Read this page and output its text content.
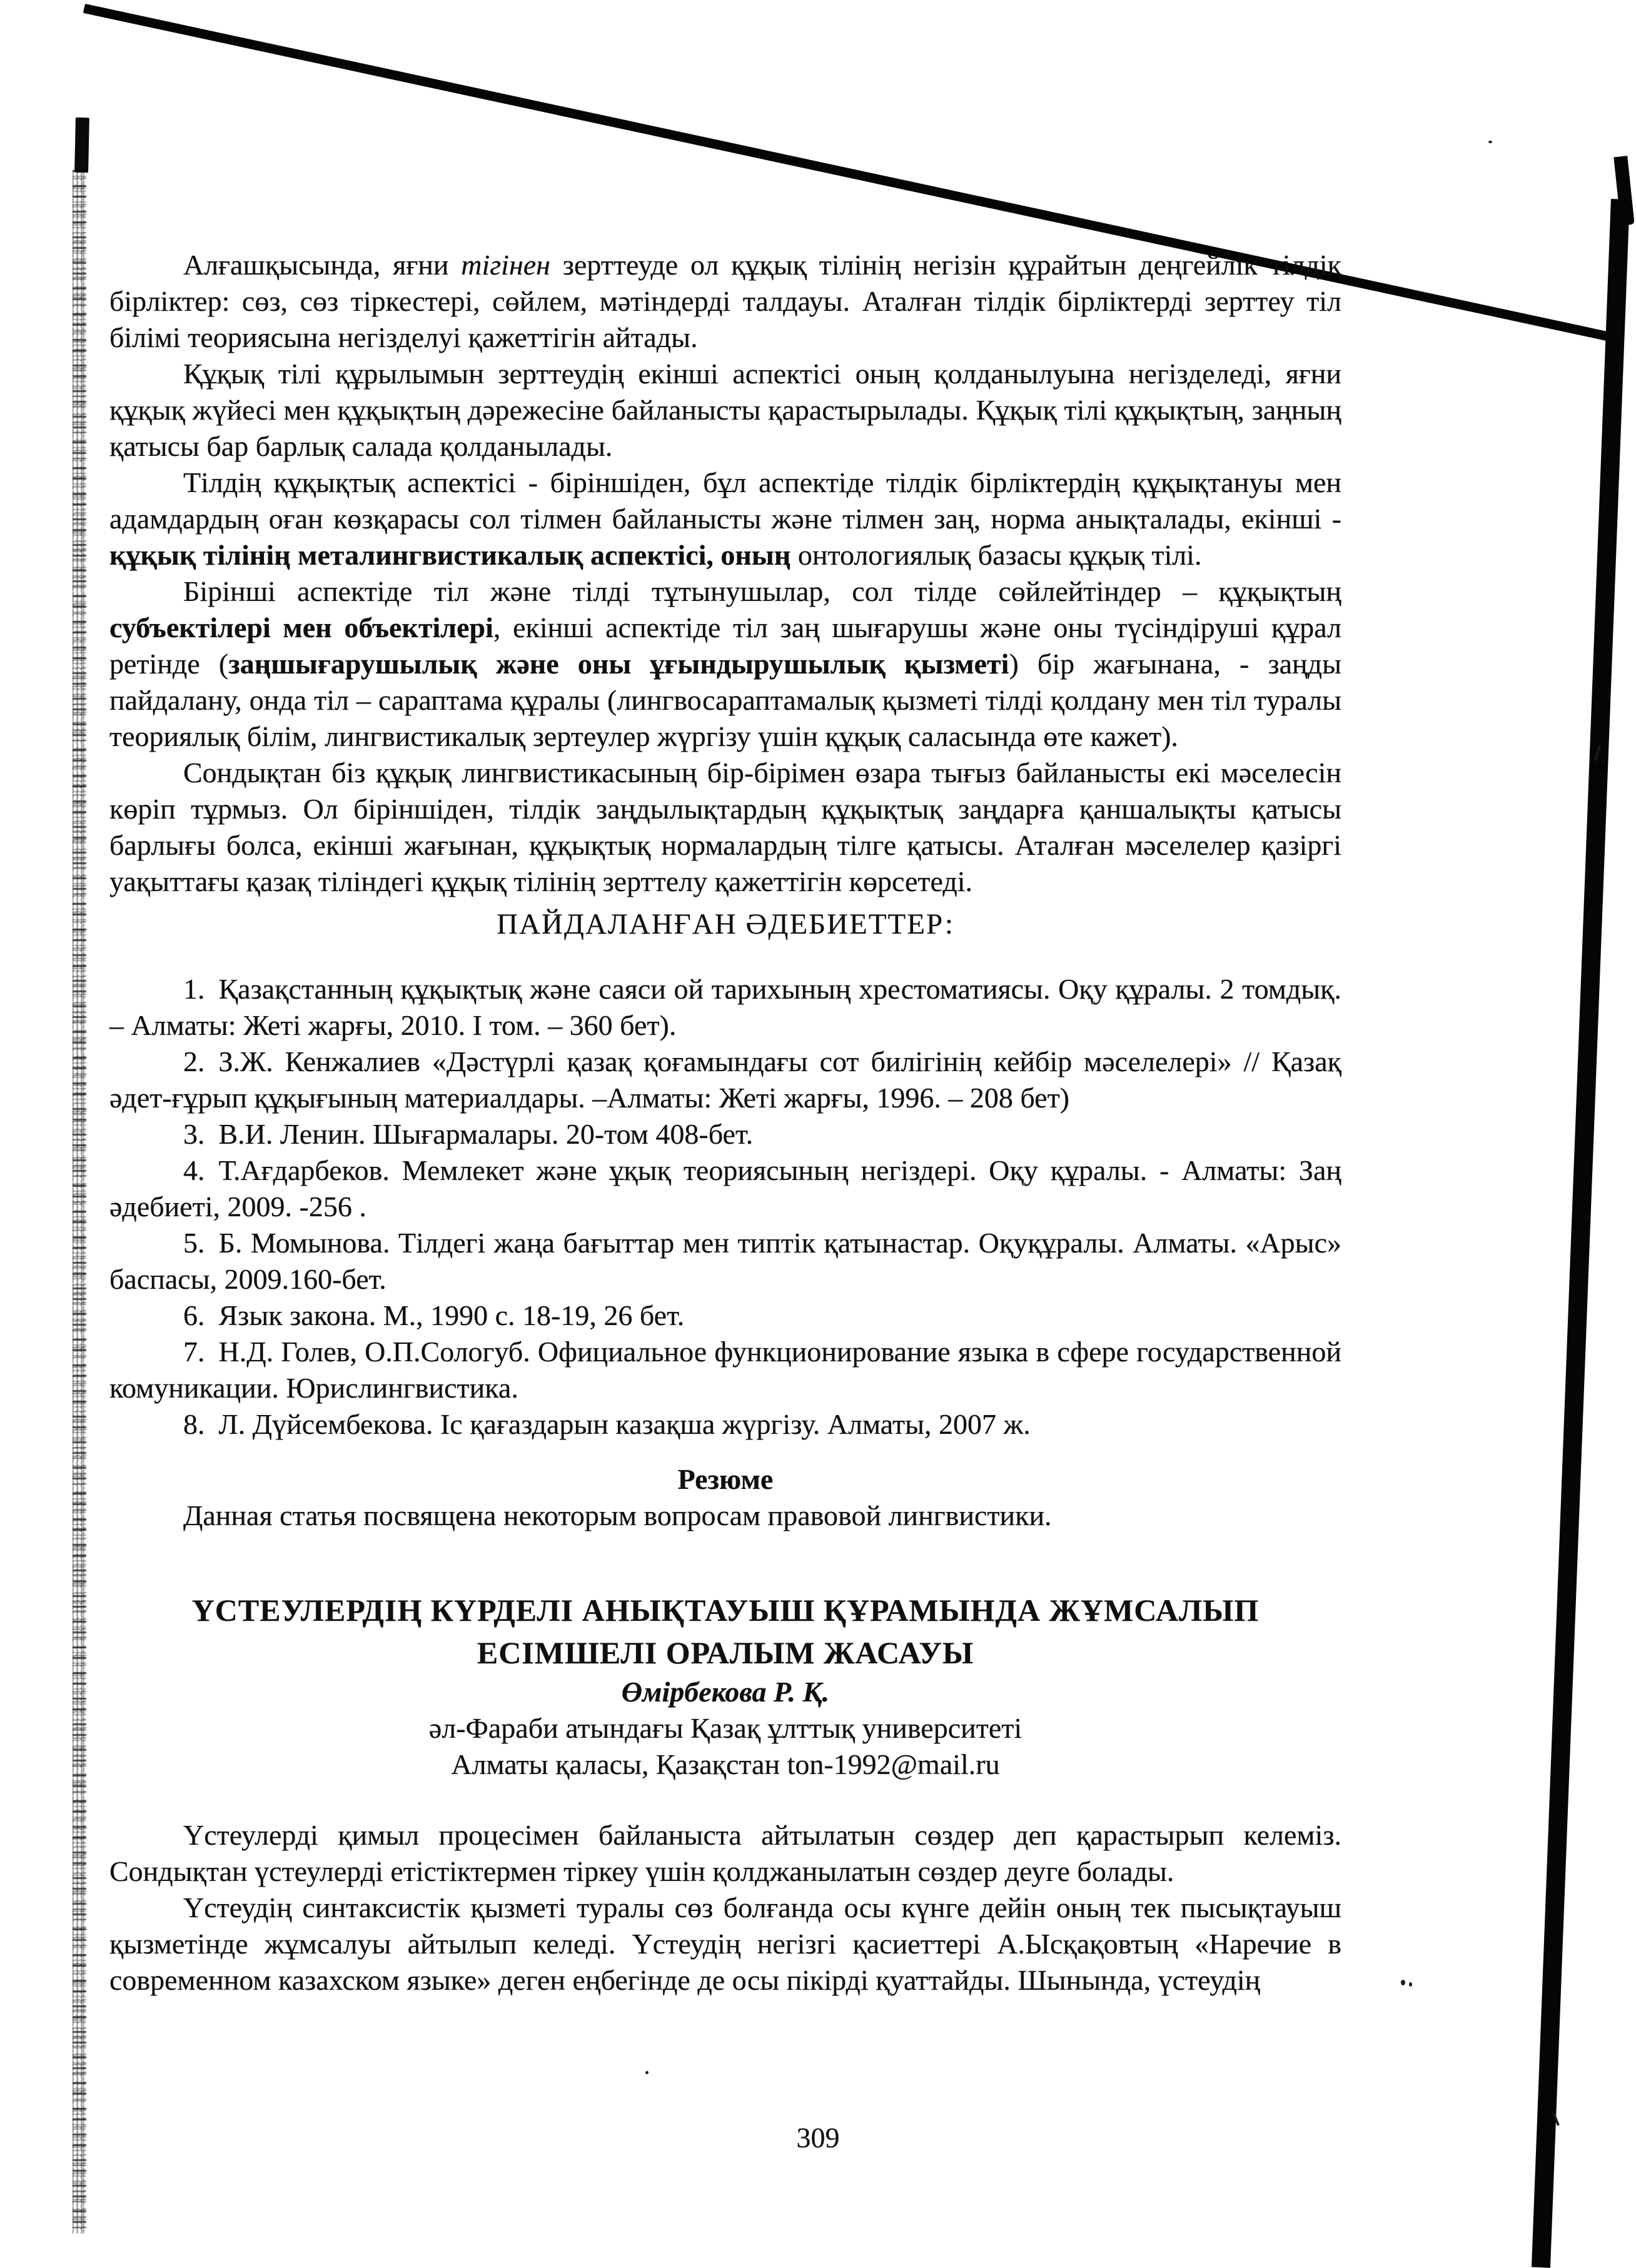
Алғашқысында, яғни тігінен зерттеуде ол құқық тілінің негізін құрайтын деңгейлік тілдік бірліктер: сөз, сөз тіркестері, сөйлем, мәтіндерді талдауы. Аталған тілдік бірліктерді зерттеу тіл білімі теориясына негізделуі қажеттігін айтады.

Құқық тілі құрылымын зерттеудің екінші аспектісі оның қолданылуына негізделеді, яғни құқық жүйесі мен құқықтың дәрежесіне байланысты қарастырылады. Құқық тілі құқықтың, заңның қатысы бар барлық салада қолданылады.

Тілдің құқықтық аспектісі - біріншіден, бұл аспектіде тілдік бірліктердің құқықтануы мен адамдардың оған көзқарасы сол тілмен байланысты және тілмен заң, норма анықталады, екінші - құқық тілінің металингвистикалық аспектісі, оның онтологиялық базасы құқық тілі.

Бірінші аспектіде тіл және тілді тұтынушылар, сол тілде сөйлейтіндер – құқықтың субъектілері мен объектілері, екінші аспектіде тіл заң шығарушы және оны түсіндіруші құрал ретінде (заңшығарушылық және оны ұғындырушылық қызметі) бір жағынана, - заңды пайдалану, онда тіл – сараптама құралы (лингвосараптамалық қызметі тілді қолдану мен тіл туралы теориялық білім, лингвистикалық зертеулер жүргізу үшін құқық саласында өте кажет).

Сондықтан біз құқық лингвистикасының бір-бірімен өзара тығыз байланысты екі мәселесін көріп тұрмыз. Ол біріншіден, тілдік заңдылықтардың құқықтық заңдарға қаншалықты қатысы барлығы болса, екінші жағынан, құқықтық нормалардың тілге қатысы. Аталған мәселелер қазіргі уақыттағы қазақ тіліндегі құқық тілінің зерттелу қажеттігін көрсетеді.

ПАЙДАЛАНҒАН ӘДЕБИЕТТЕР:

1. Қазақстанның құқықтық және саяси ой тарихының хрестоматиясы. Оқу құралы. 2 томдық. – Алматы: Жеті жарғы, 2010. І том. – 360 бет).

2. З.Ж. Кенжалиев «Дәстүрлі қазақ қоғамындағы сот билігінің кейбір мәселелері» // Қазақ әдет-ғұрып құқығының материалдары. –Алматы: Жеті жарғы, 1996. – 208 бет)

3. В.И. Ленин. Шығармалары. 20-том 408-бет.

4. Т.Ағдарбеков. Мемлекет және ұқық теориясының негіздері. Оқу құралы. - Алматы: Заң әдебиеті, 2009. -256 .

5. Б. Момынова. Тілдегі жаңа бағыттар мен типтік қатынастар. Оқуқұралы. Алматы. «Арыс» баспасы, 2009.160-бет.

6. Язык закона. М., 1990 с. 18-19, 26 бет.

7. Н.Д. Голев, О.П.Сологуб. Официальное функционирование языка в сфере государственной комуникации. Юрислингвистика.

8. Л. Дүйсембекова. Іс қағаздарын казақша жүргізу. Алматы, 2007 ж.

Резюме

Данная статья посвящена некоторым вопросам правовой лингвистики.

ҮСТЕУЛЕРДІҢ КҮРДЕЛІ АНЫҚТАУЫШ ҚҰРАМЫНДА ЖҰМСАЛЫП
ЕСІМШЕЛІ ОРАЛЫМ ЖАСАУЫ

Өмірбекова Р. Қ.

әл-Фараби атындағы Қазақ ұлттық университеті

Алматы қаласы, Қазақстан ton-1992@mail.ru

Үстеулерді қимыл процесімен байланыста айтылатын сөздер деп қарастырып келеміз. Сондықтан үстеулерді етістіктермен тіркеу үшін қолджанылатын сөздер деуге болады.

Үстеудің синтаксистік қызметі туралы сөз болғанда осы күнге дейін оның тек пысықтауыш қызметінде жұмсалуы айтылып келеді. Үстеудің негізгі қасиеттері А.Ысқақовтың «Наречие в современном казахском языке» деген еңбегінде де осы пікірді қуаттайды. Шынында, үстеудің

309
